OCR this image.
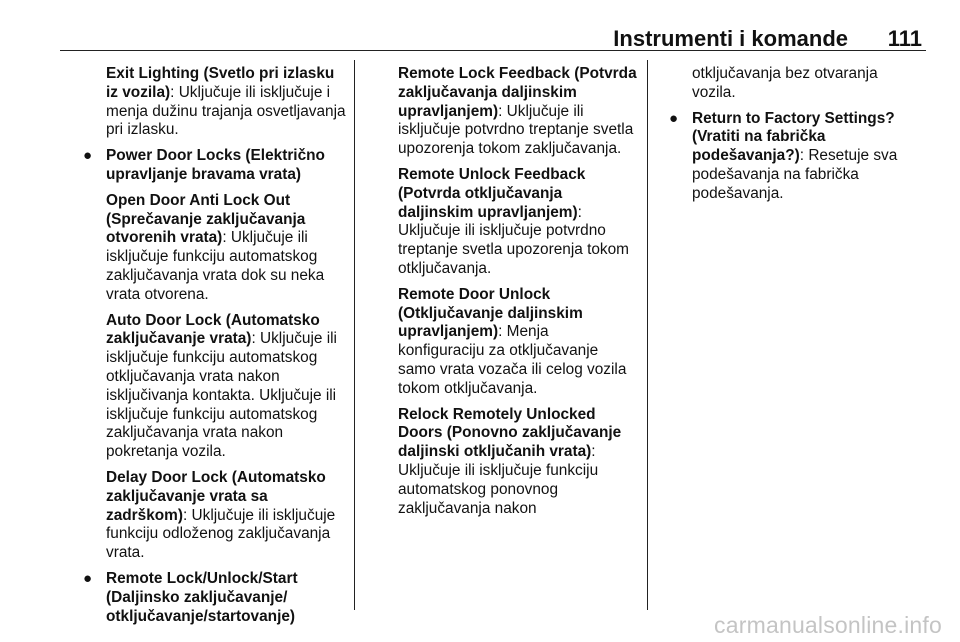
Instrumenti i komande 111

Exit Lighting (Svetlo pri izlasku iz vozila): Uključuje ili isključuje i menja dužinu trajanja osvetljavanja pri izlasku.

● Power Door Locks (Električno upravljanje bravama vrata)

Open Door Anti Lock Out (Sprečavanje zaključavanja otvorenih vrata): Uključuje ili isključuje funkciju automatskog zaključavanja vrata dok su neka vrata otvorena.

Auto Door Lock (Automatsko zaključavanje vrata): Uključuje ili isključuje funkciju automatskog otključavanja vrata nakon isključivanja kontakta. Uključuje ili isključuje funkciju automatskog zaključavanja vrata nakon pokretanja vozila.

Delay Door Lock (Automatsko zaključavanje vrata sa zadrškom): Uključuje ili isključuje funkciju odloženog zaključavanja vrata.

● Remote Lock/Unlock/Start (Daljinsko zaključavanje/ otključavanje/startovanje)

Remote Lock Feedback (Potvrda zaključavanja daljinskim upravljanjem): Uključuje ili isključuje potvrdno treptanje svetla upozorenja tokom zaključavanja.

Remote Unlock Feedback (Potvrda otključavanja daljinskim upravljanjem): Uključuje ili isključuje potvrdno treptanje svetla upozorenja tokom otključavanja.

Remote Door Unlock (Otključavanje daljinskim upravljanjem): Menja konfiguraciju za otključavanje samo vrata vozača ili celog vozila tokom otključavanja.

Relock Remotely Unlocked Doors (Ponovno zaključavanje daljinski otključanih vrata): Uključuje ili isključuje funkciju automatskog ponovnog zaključavanja nakon

otključavanja bez otvaranja vozila.

● Return to Factory Settings? (Vratiti na fabrička podešavanja?): Resetuje sva podešavanja na fabrička podešavanja.

carmanualsonline.info
